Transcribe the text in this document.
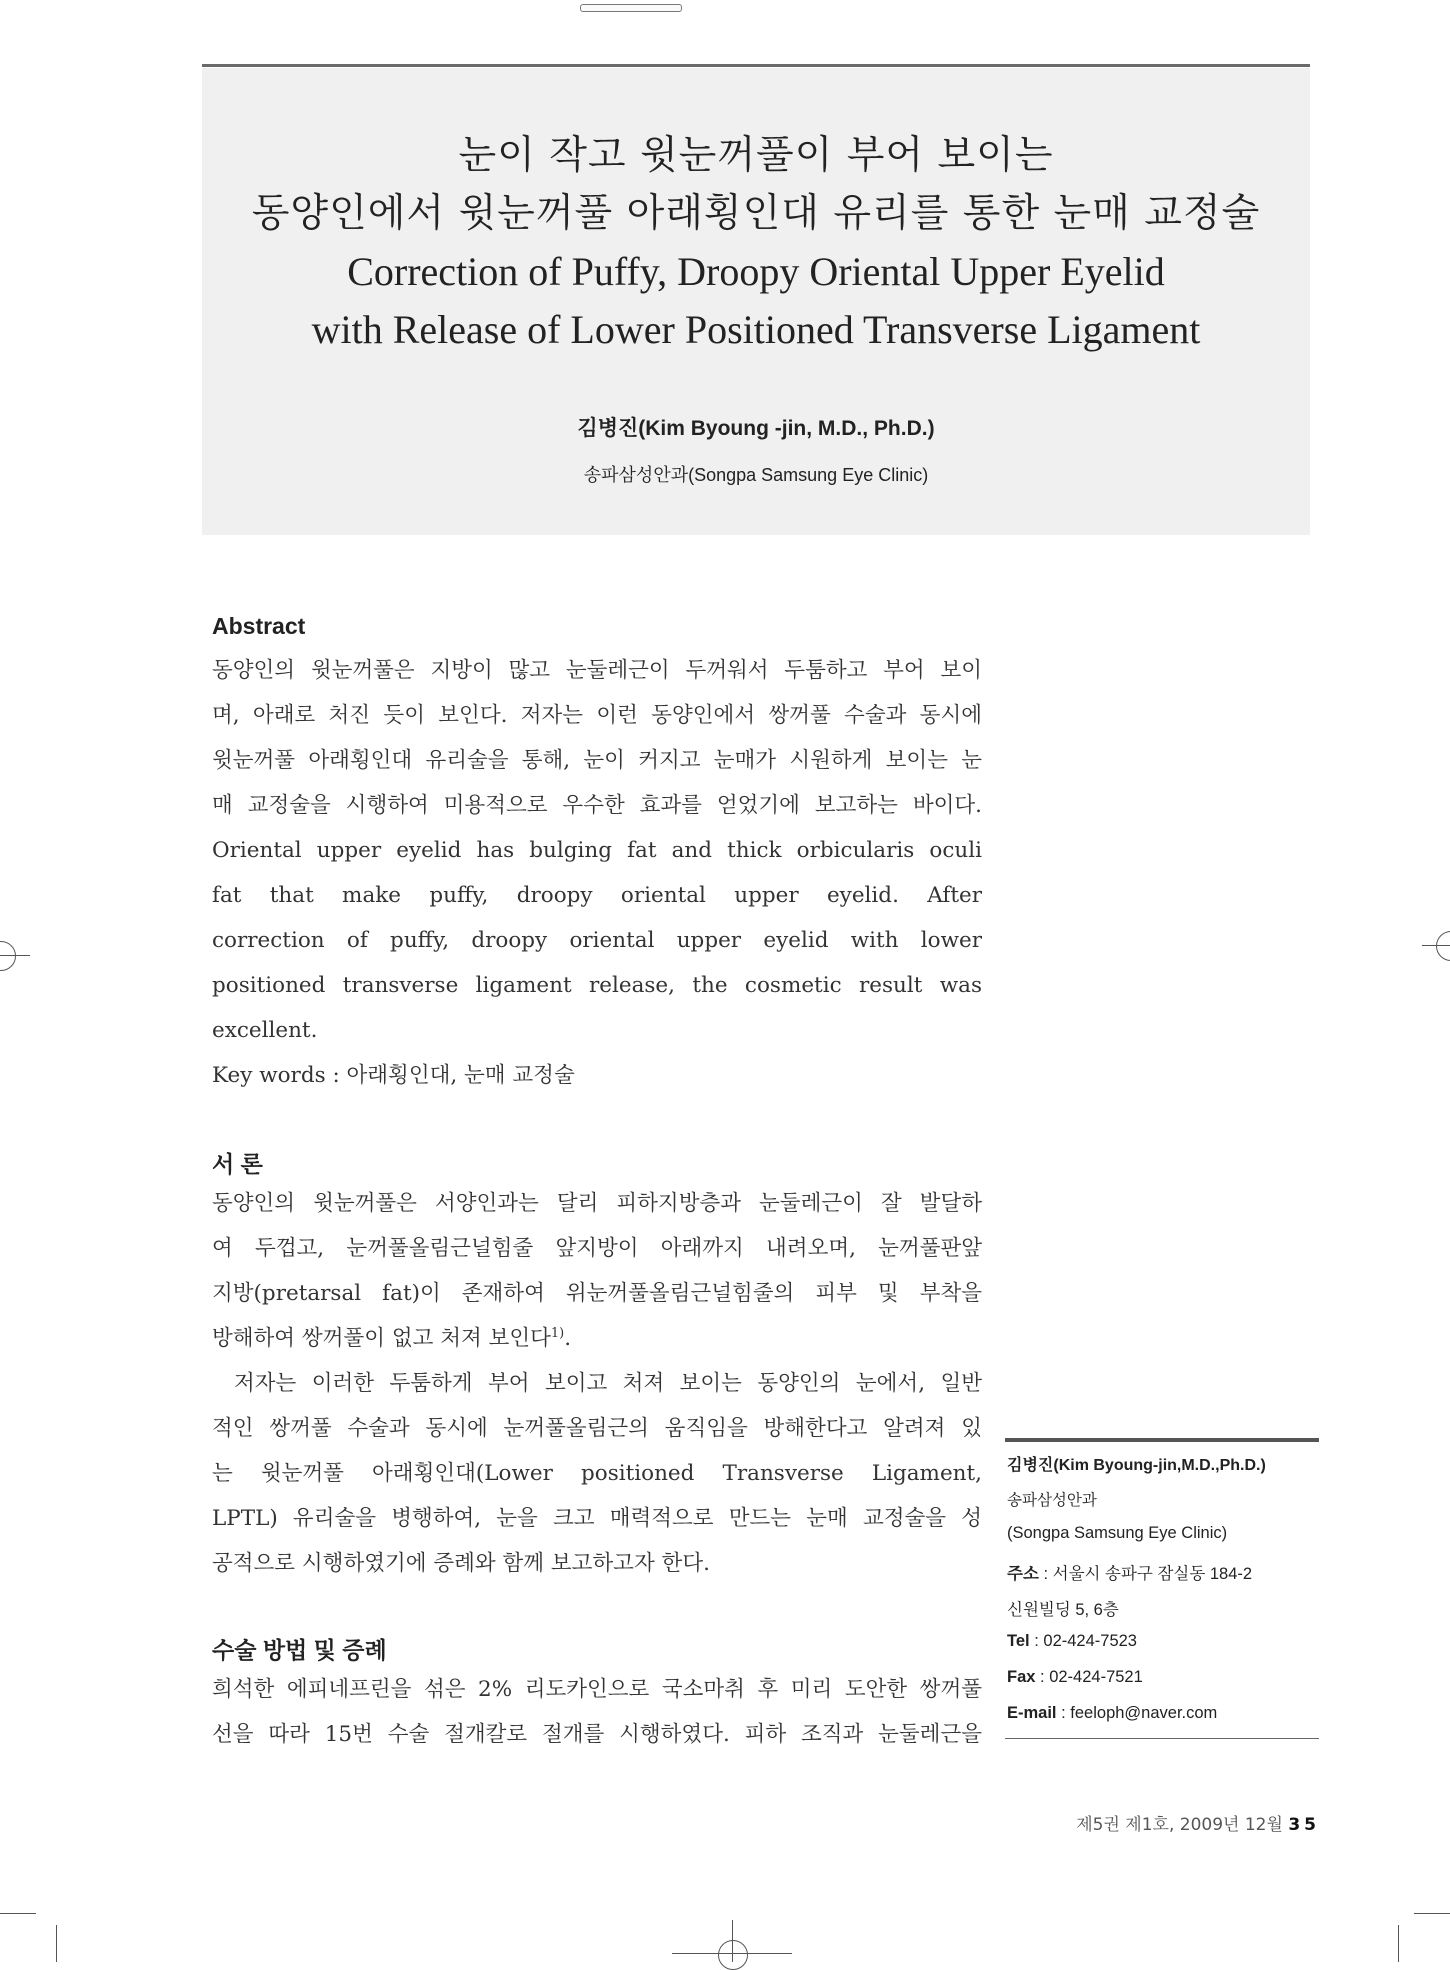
눈이 작고 윗눈꺼풀이 부어 보이는
동양인에서 윗눈꺼풀 아래횡인대 유리를 통한 눈매 교정술
Correction of Puffy, Droopy Oriental Upper Eyelid
with Release of Lower Positioned Transverse Ligament
김병진(Kim Byoung -jin, M.D., Ph.D.)
송파삼성안과(Songpa Samsung Eye Clinic)
Abstract
동양인의 윗눈꺼풀은 지방이 많고 눈둘레근이 두꺼워서 두툼하고 부어 보이
며, 아래로 처진 듯이 보인다. 저자는 이런 동양인에서 쌍꺼풀 수술과 동시에
윗눈꺼풀 아래횡인대 유리술을 통해, 눈이 커지고 눈매가 시원하게 보이는 눈
매 교정술을 시행하여 미용적으로 우수한 효과를 얻었기에 보고하는 바이다.
Oriental upper eyelid has bulging fat and thick orbicularis oculi
fat that make puffy, droopy oriental upper eyelid. After
correction of puffy, droopy oriental upper eyelid with lower
positioned transverse ligament release, the cosmetic result was
excellent.
Key words : 아래횡인대, 눈매 교정술
서 론
동양인의 윗눈꺼풀은 서양인과는 달리 피하지방층과 눈둘레근이 잘 발달하
여 두껍고, 눈꺼풀올림근널힘줄 앞지방이 아래까지 내려오며, 눈꺼풀판앞
지방(pretarsal fat)이 존재하여 위눈꺼풀올림근널힘줄의 피부 및 부착을
방해하여 쌍꺼풀이 없고 처져 보인다$^{1)}$.
저자는 이러한 두툼하게 부어 보이고 처져 보이는 동양인의 눈에서, 일반
적인 쌍꺼풀 수술과 동시에 눈꺼풀올림근의 움직임을 방해한다고 알려져 있
는 윗눈꺼풀 아래횡인대(Lower positioned Transverse Ligament,
LPTL) 유리술을 병행하여, 눈을 크고 매력적으로 만드는 눈매 교정술을 성
공적으로 시행하였기에 증례와 함께 보고하고자 한다.
수술 방법 및 증례
희석한 에피네프린을 섞은 2% 리도카인으로 국소마취 후 미리 도안한 쌍꺼풀
선을 따라 15번 수술 절개칼로 절개를 시행하였다. 피하 조직과 눈둘레근을
김병진(Kim Byoung-jin,M.D.,Ph.D.)
송파삼성안과
(Songpa Samsung Eye Clinic)
주소 : 서울시 송파구 잠실동 184-2
신원빌딩 5, 6층
Tel : 02-424-7523
Fax : 02-424-7521
E-mail : feeloph@naver.com
제5권 제1호, 2009년 12월 35
